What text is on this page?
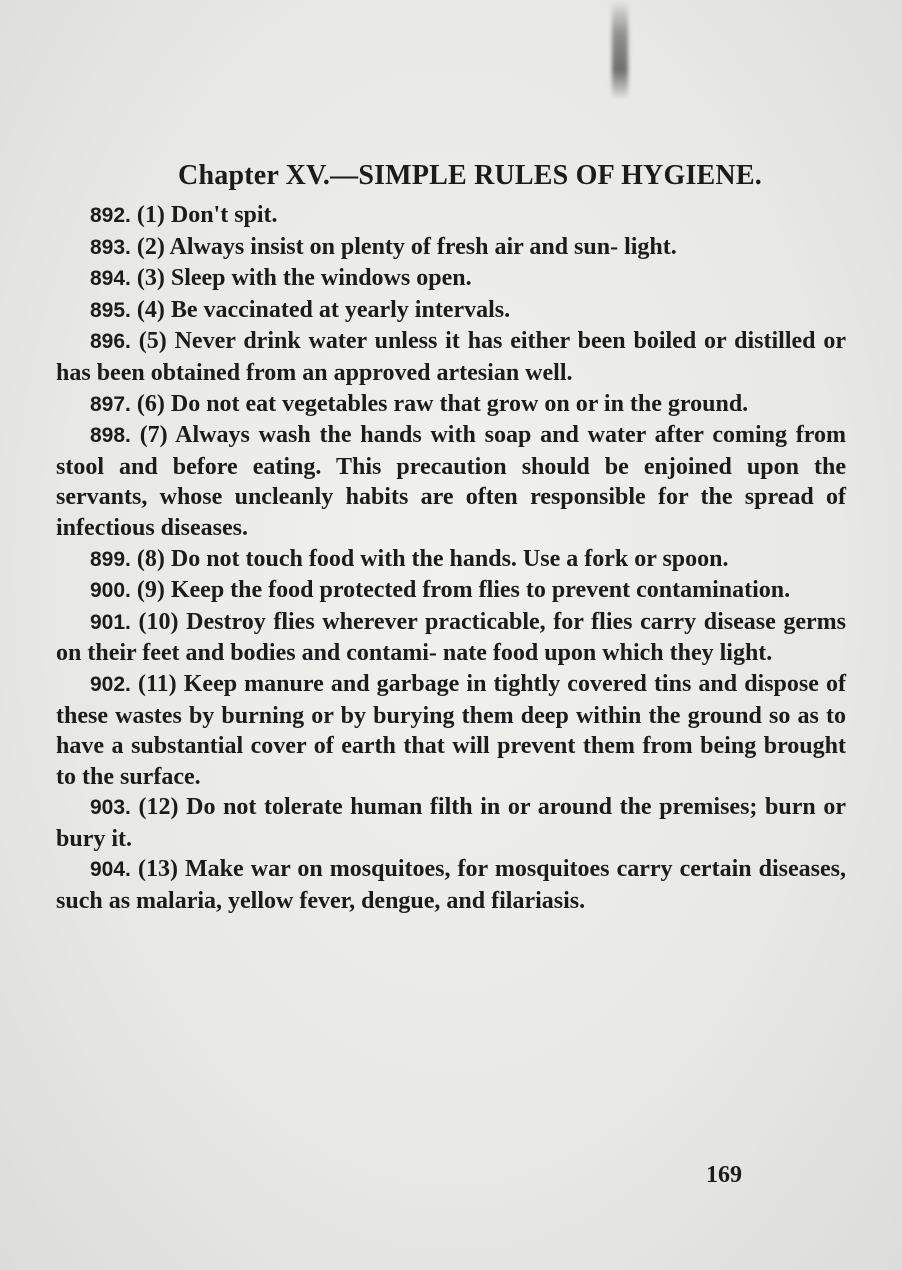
Chapter XV.—SIMPLE RULES OF HYGIENE.

892. (1) Don't spit.

893. (2) Always insist on plenty of fresh air and sun- light.

894. (3) Sleep with the windows open.

895. (4) Be vaccinated at yearly intervals.

896. (5) Never drink water unless it has either been boiled or distilled or has been obtained from an approved artesian well.

897. (6) Do not eat vegetables raw that grow on or in the ground.

898. (7) Always wash the hands with soap and water after coming from stool and before eating. This precaution should be enjoined upon the servants, whose uncleanly habits are often responsible for the spread of infectious diseases.

899. (8) Do not touch food with the hands. Use a fork or spoon.

900. (9) Keep the food protected from flies to prevent contamination.

901. (10) Destroy flies wherever practicable, for flies carry disease germs on their feet and bodies and contami- nate food upon which they light.

902. (11) Keep manure and garbage in tightly covered tins and dispose of these wastes by burning or by burying them deep within the ground so as to have a substantial cover of earth that will prevent them from being brought to the surface.

903. (12) Do not tolerate human filth in or around the premises; burn or bury it.

904. (13) Make war on mosquitoes, for mosquitoes carry certain diseases, such as malaria, yellow fever, dengue, and filariasis.

169
